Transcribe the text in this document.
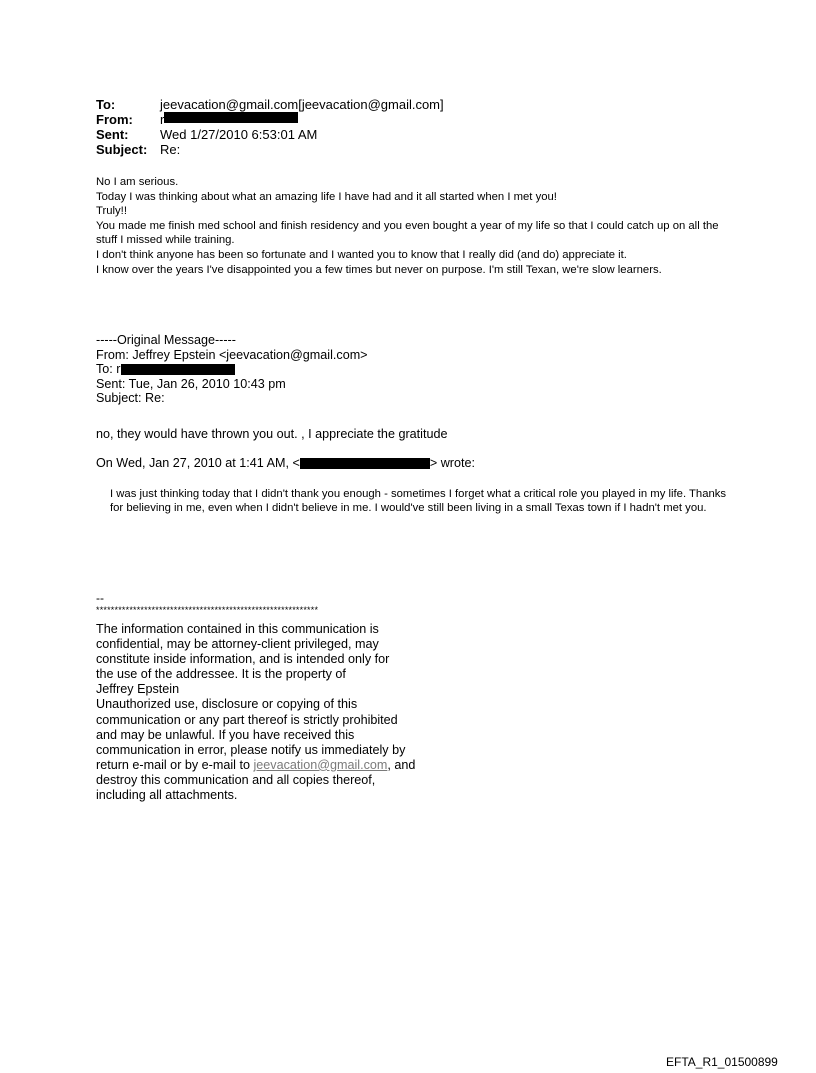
To:	jeevacation@gmail.com[jeevacation@gmail.com]
From:	r
Sent:	Wed 1/27/2010 6:53:01 AM
Subject: Re:

No I am serious.

Today I was thinking about what an amazing life I have had and it all started when I met you!

Truly!!

You made me finish med school and finish residency and you even bought a year of my life so that I could catch up on all the stuff I missed while training.

I don't think anyone has been so fortunate and I wanted you to know that I really did (and do) appreciate it.

I know over the years I've disappointed you a few times but never on purpose. I'm still Texan, we're slow learners.

-----Original Message-----

From: Jeffrey Epstein <jeevacation@gmail.com>

To: r

Sent: Tue, Jan 26, 2010 10:43 pm

Subject: Re:

no, they would have thrown you out. , I appreciate the gratitude
On Wed, Jan 27, 2010 at 1:41 AM, <	> wrote:
I was just thinking today that I didn't thank you enough - sometimes I forget what a critical role you played in my life. Thanks for believing in me, even when I didn't believe in me. I would've still been living in a small Texas town if I hadn't met you.
--
************************************************************

The information contained in this communication is

confidential, may be attorney-client privileged, may

constitute inside information, and is intended only for

the use of the addressee. It is the property of

Jeffrey Epstein

Unauthorized use, disclosure or copying of this

communication or any part thereof is strictly prohibited

and may be unlawful. If you have received this

communication in error, please notify us immediately by

return e-mail or by e-mail to jeevacation@gmail.com, and

destroy this communication and all copies thereof,

including all attachments.

EFTA_R1_01500899
